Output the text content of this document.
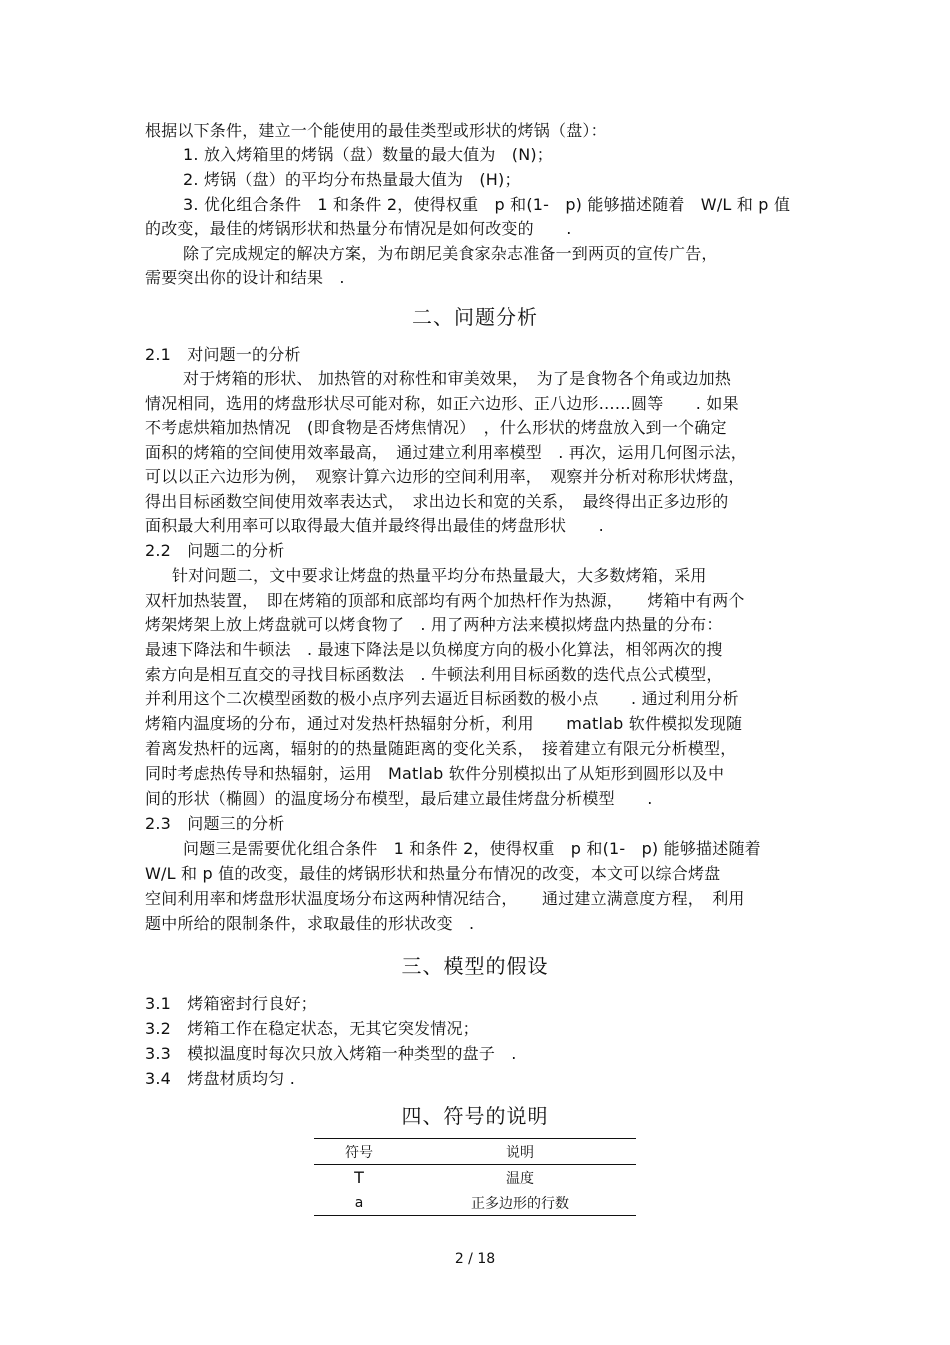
根据以下条件，建立一个能使用的最佳类型或形状的烤锅（盘）：
1. 放入烤箱里的烤锅（盘）数量的最大值为　(N)；
2. 烤锅（盘）的平均分布热量最大值为　(H)；
3. 优化组合条件　1 和条件 2，使得权重　p 和(1-　p) 能够描述随着　W/L 和 p 值
的改变，最佳的烤锅形状和热量分布情况是如何改变的　　.
除了完成规定的解决方案，为布朗尼美食家杂志准备一到两页的宣传广告，
需要突出你的设计和结果　.
二、问题分析
2.1　对问题一的分析
对于烤箱的形状、 加热管的对称性和审美效果，　为了是食物各个角或边加热
情况相同，选用的烤盘形状尽可能对称，如正六边形、正八边形……圆等　　. 如果
不考虑烘箱加热情况　(即食物是否烤焦情况）　，什么形状的烤盘放入到一个确定
面积的烤箱的空间使用效率最高，　通过建立利用率模型　. 再次，运用几何图示法，
可以以正六边形为例，　观察计算六边形的空间利用率，　观察并分析对称形状烤盘，
得出目标函数空间使用效率表达式，　求出边长和宽的关系，　最终得出正多边形的
面积最大利用率可以取得最大值并最终得出最佳的烤盘形状　　.
2.2　问题二的分析
针对问题二，文中要求让烤盘的热量平均分布热量最大，大多数烤箱，采用
双杆加热装置，　即在烤箱的顶部和底部均有两个加热杆作为热源，　　烤箱中有两个
烤架烤架上放上烤盘就可以烤食物了　. 用了两种方法来模拟烤盘内热量的分布：
最速下降法和牛顿法　. 最速下降法是以负梯度方向的极小化算法，相邻两次的搜
索方向是相互直交的寻找目标函数法　. 牛顿法利用目标函数的迭代点公式模型，
并利用这个二次模型函数的极小点序列去逼近目标函数的极小点　　. 通过利用分析
烤箱内温度场的分布，通过对发热杆热辐射分析，利用　　matlab 软件模拟发现随
着离发热杆的远离，辐射的的热量随距离的变化关系，　接着建立有限元分析模型，
同时考虑热传导和热辐射，运用　Matlab 软件分别模拟出了从矩形到圆形以及中
间的形状（椭圆）的温度场分布模型，最后建立最佳烤盘分析模型　　.
2.3　问题三的分析
问题三是需要优化组合条件　1 和条件 2，使得权重　p 和(1-　p) 能够描述随着
W/L 和 p 值的改变，最佳的烤锅形状和热量分布情况的改变，本文可以综合烤盘
空间利用率和烤盘形状温度场分布这两种情况结合，　　通过建立满意度方程，　利用
题中所给的限制条件，求取最佳的形状改变　.
三、模型的假设
3.1　烤箱密封行良好；
3.2　烤箱工作在稳定状态，无其它突发情况；
3.3　模拟温度时每次只放入烤箱一种类型的盘子　.
3.4　烤盘材质均匀 .
四、符号的说明
符号	说明
T	温度
a	正多边形的行数
2 / 18
